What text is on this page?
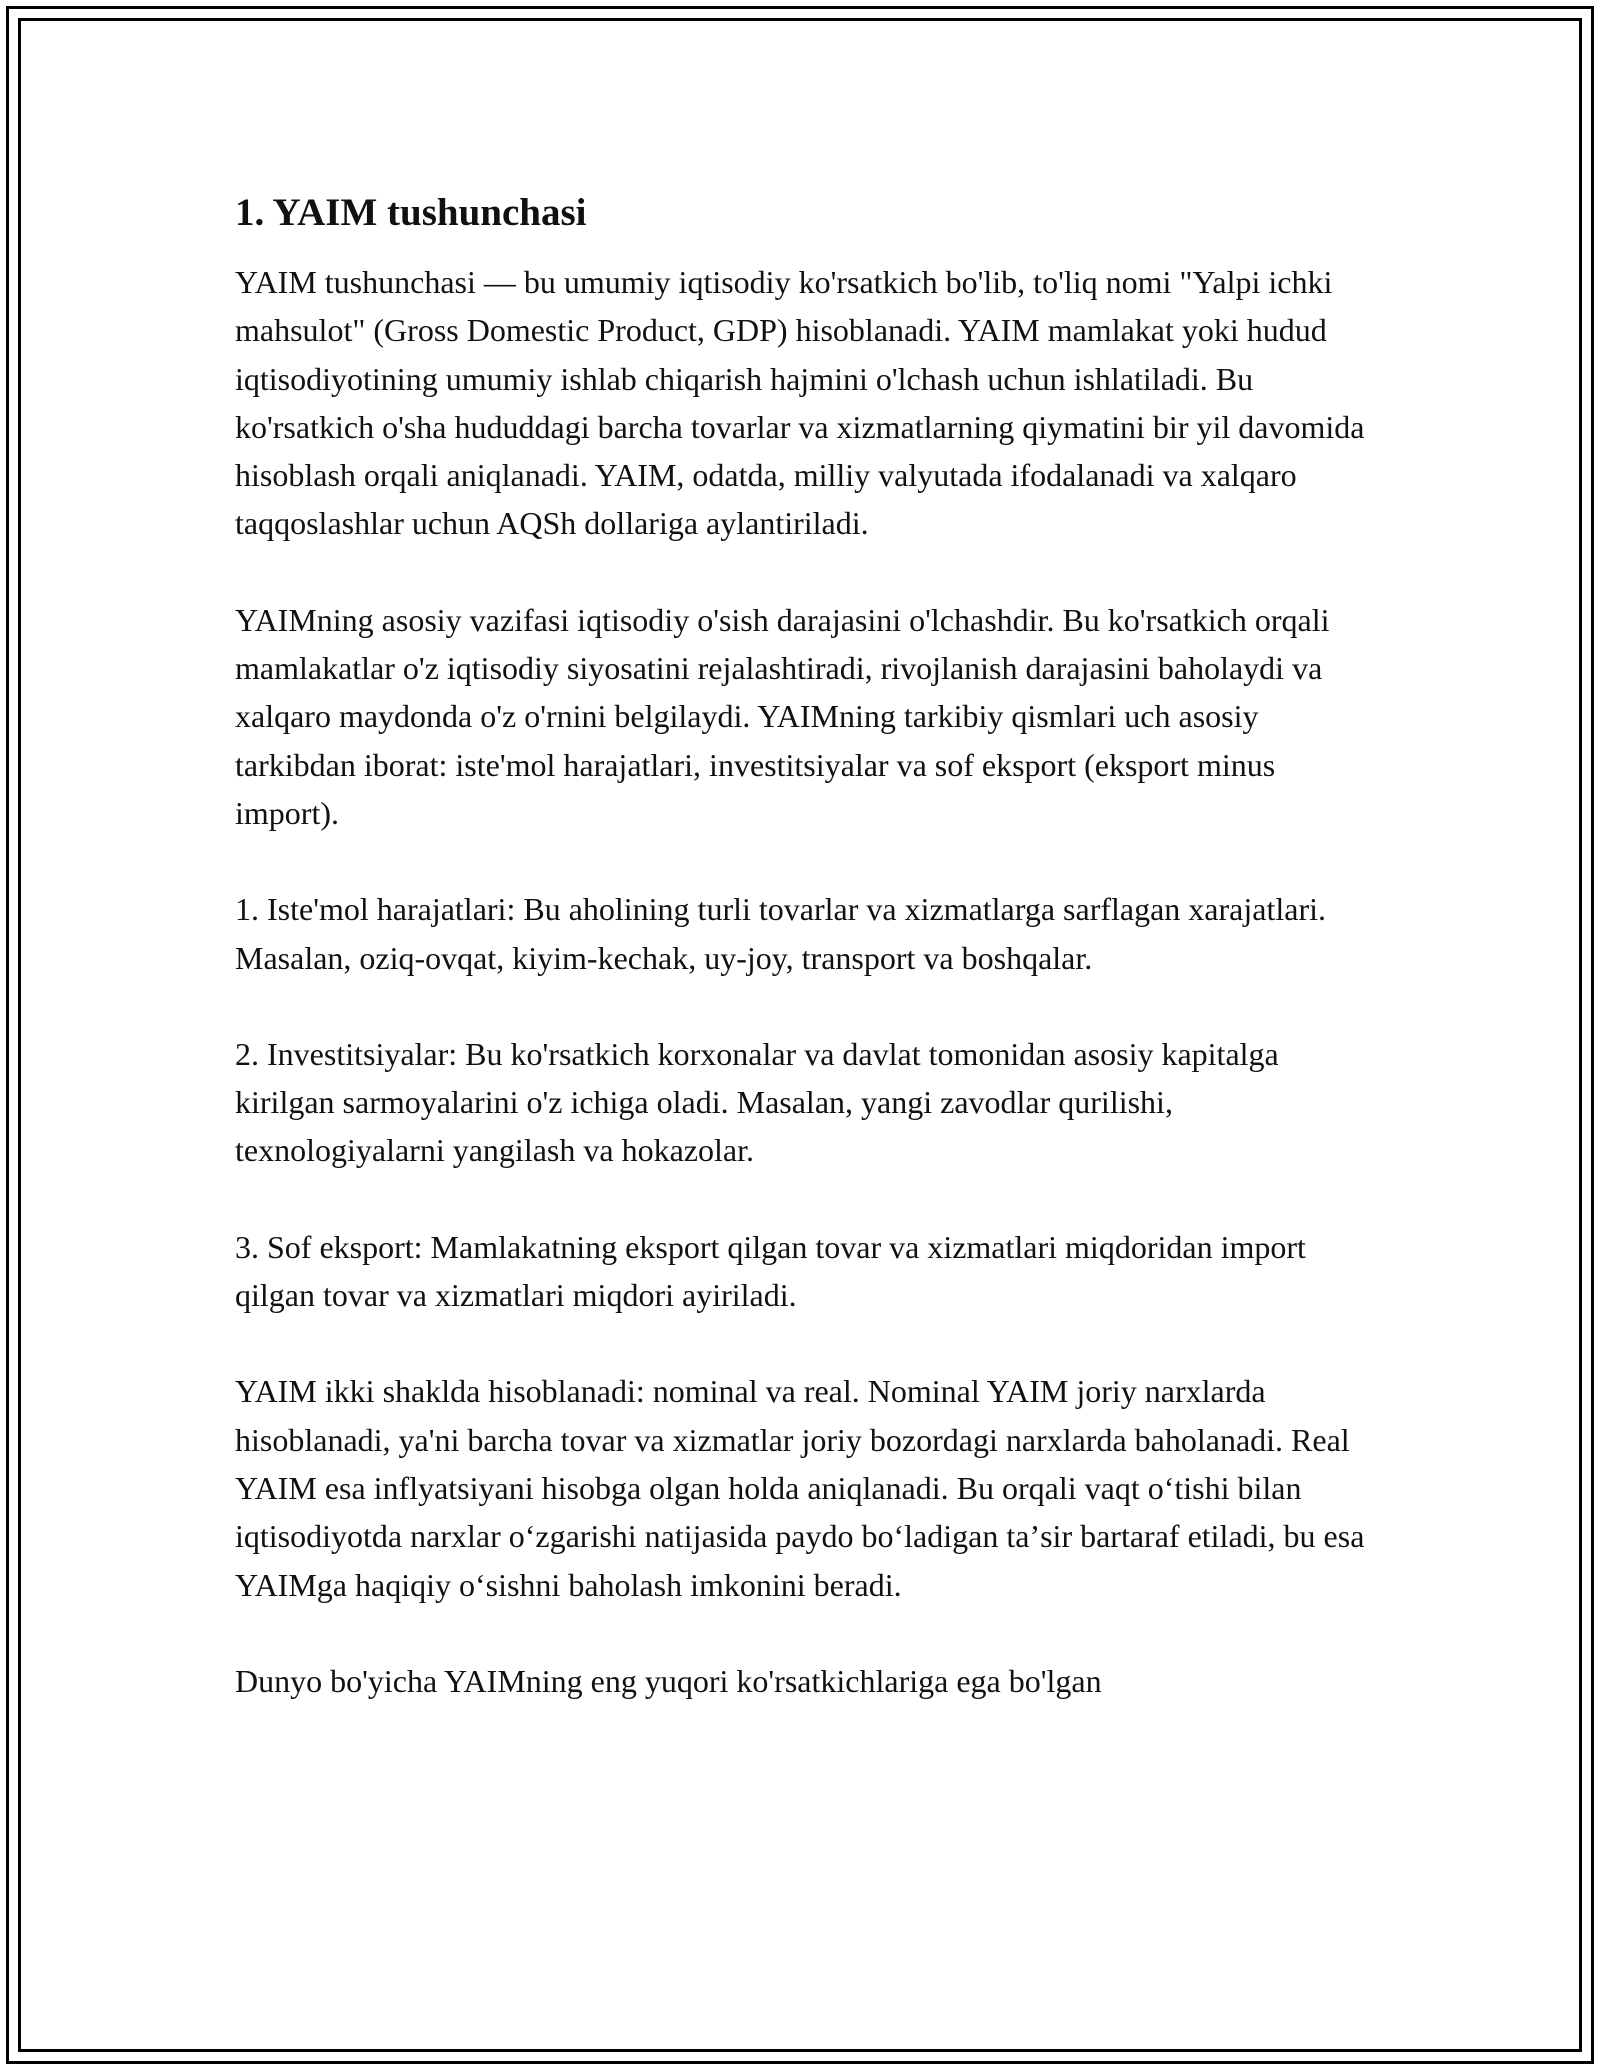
1. YAIM tushunchasi

YAIM tushunchasi — bu umumiy iqtisodiy ko'rsatkich bo'lib, to'liq nomi "Yalpi ichki mahsulot" (Gross Domestic Product, GDP) hisoblanadi. YAIM mamlakat yoki hudud iqtisodiyotining umumiy ishlab chiqarish hajmini o'lchash uchun ishlatiladi. Bu ko'rsatkich o'sha hududdagi barcha tovarlar va xizmatlarning qiymatini bir yil davomida hisoblash orqali aniqlanadi. YAIM, odatda, milliy valyutada ifodalanadi va xalqaro taqqoslashlar uchun AQSh dollariga aylantiriladi.

YAIMning asosiy vazifasi iqtisodiy o'sish darajasini o'lchashdir. Bu ko'rsatkich orqali mamlakatlar o'z iqtisodiy siyosatini rejalashtiradi, rivojlanish darajasini baholaydi va xalqaro maydonda o'z o'rnini belgilaydi. YAIMning tarkibiy qismlari uch asosiy tarkibdan iborat: iste'mol harajatlari, investitsiyalar va sof eksport (eksport minus import).

1. Iste'mol harajatlari: Bu aholining turli tovarlar va xizmatlarga sarflagan xarajatlari. Masalan, oziq-ovqat, kiyim-kechak, uy-joy, transport va boshqalar.

2. Investitsiyalar: Bu ko'rsatkich korxonalar va davlat tomonidan asosiy kapitalga kirilgan sarmoyalarini o'z ichiga oladi. Masalan, yangi zavodlar qurilishi, texnologiyalarni yangilash va hokazolar.

3. Sof eksport: Mamlakatning eksport qilgan tovar va xizmatlari miqdoridan import qilgan tovar va xizmatlari miqdori ayiriladi.

YAIM ikki shaklda hisoblanadi: nominal va real. Nominal YAIM joriy narxlarda hisoblanadi, ya'ni barcha tovar va xizmatlar joriy bozordagi narxlarda baholanadi. Real YAIM esa inflyatsiyani hisobga olgan holda aniqlanadi. Bu orqali vaqt oʻtishi bilan iqtisodiyotda narxlar oʻzgarishi natijasida paydo boʻladigan taʼsir bartaraf etiladi, bu esa YAIMga haqiqiy oʻsishni baholash imkonini beradi.

Dunyo bo'yicha YAIMning eng yuqori ko'rsatkichlariga ega bo'lgan
